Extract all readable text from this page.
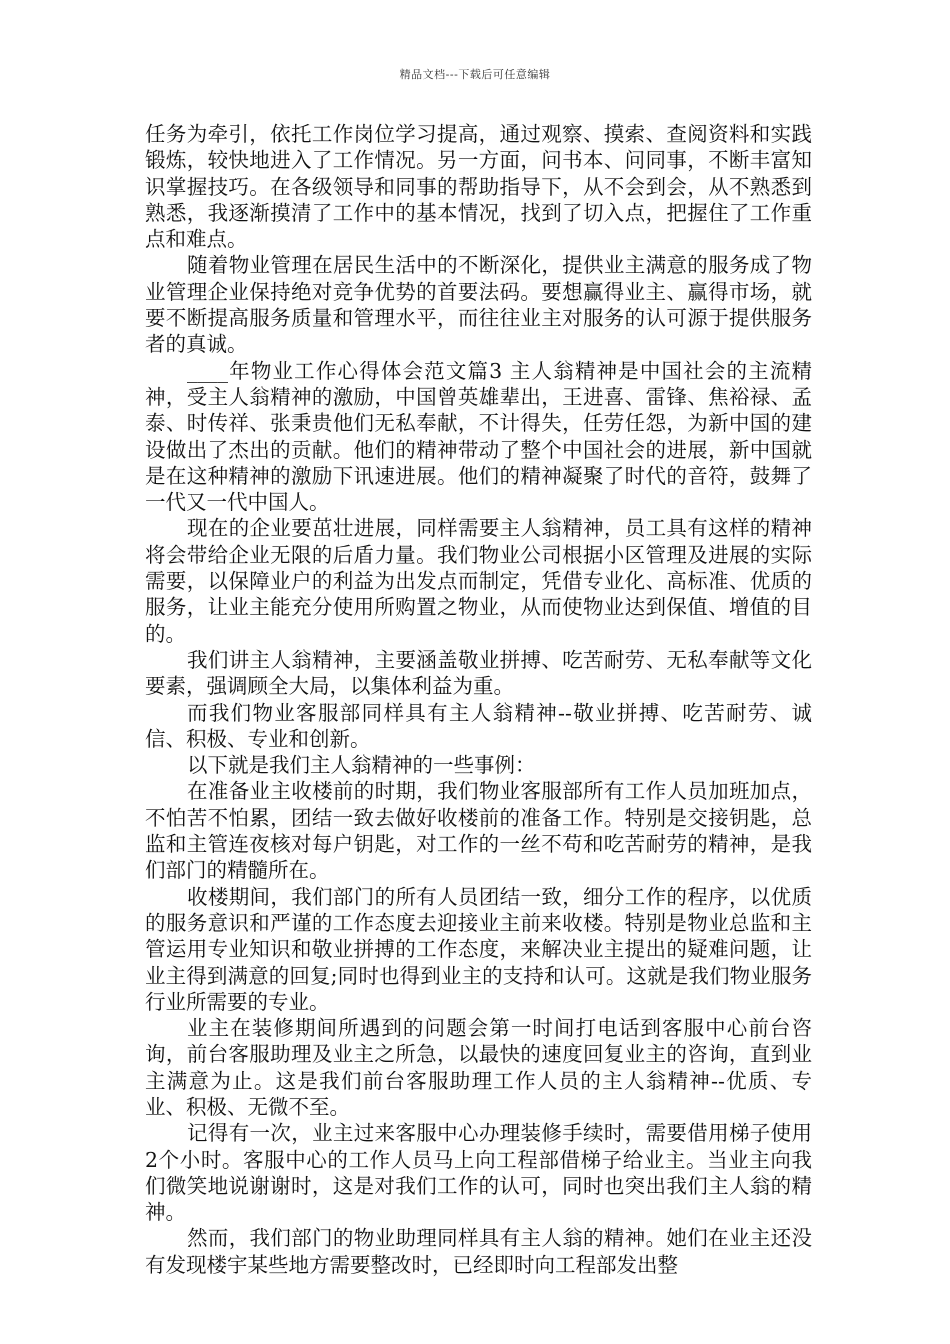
精品文档---下载后可任意编辑

任务为牵引，依托工作岗位学习提高，通过观察、摸索、查阅资料和实践锻炼，较快地进入了工作情况。另一方面，问书本、问同事，不断丰富知识掌握技巧。在各级领导和同事的帮助指导下，从不会到会，从不熟悉到熟悉，我逐渐摸清了工作中的基本情况，找到了切入点，把握住了工作重点和难点。

随着物业管理在居民生活中的不断深化，提供业主满意的服务成了物业管理企业保持绝对竞争优势的首要法码。要想赢得业主、赢得市场，就要不断提高服务质量和管理水平，而往往业主对服务的认可源于提供服务者的真诚。

____年物业工作心得体会范文篇3 主人翁精神是中国社会的主流精神，受主人翁精神的激励，中国曾英雄辈出，王进喜、雷锋、焦裕禄、孟泰、时传祥、张秉贵他们无私奉献，不计得失，任劳任怨，为新中国的建设做出了杰出的贡献。他们的精神带动了整个中国社会的进展，新中国就是在这种精神的激励下讯速进展。他们的精神凝聚了时代的音符，鼓舞了一代又一代中国人。

现在的企业要茁壮进展，同样需要主人翁精神，员工具有这样的精神将会带给企业无限的后盾力量。我们物业公司根据小区管理及进展的实际需要，以保障业户的利益为出发点而制定，凭借专业化、高标准、优质的服务，让业主能充分使用所购置之物业，从而使物业达到保值、增值的目的。

我们讲主人翁精神，主要涵盖敬业拼搏、吃苦耐劳、无私奉献等文化要素，强调顾全大局，以集体利益为重。

而我们物业客服部同样具有主人翁精神--敬业拼搏、吃苦耐劳、诚信、积极、专业和创新。

以下就是我们主人翁精神的一些事例：

在准备业主收楼前的时期，我们物业客服部所有工作人员加班加点，不怕苦不怕累，团结一致去做好收楼前的准备工作。特别是交接钥匙，总监和主管连夜核对每户钥匙，对工作的一丝不苟和吃苦耐劳的精神，是我们部门的精髓所在。

收楼期间，我们部门的所有人员团结一致，细分工作的程序，以优质的服务意识和严谨的工作态度去迎接业主前来收楼。特别是物业总监和主管运用专业知识和敬业拼搏的工作态度，来解决业主提出的疑难问题，让业主得到满意的回复;同时也得到业主的支持和认可。这就是我们物业服务行业所需要的专业。

业主在装修期间所遇到的问题会第一时间打电话到客服中心前台咨询，前台客服助理及业主之所急，以最快的速度回复业主的咨询，直到业主满意为止。这是我们前台客服助理工作人员的主人翁精神--优质、专业、积极、无微不至。

记得有一次，业主过来客服中心办理装修手续时，需要借用梯子使用2个小时。客服中心的工作人员马上向工程部借梯子给业主。当业主向我们微笑地说谢谢时，这是对我们工作的认可，同时也突出我们主人翁的精神。

然而，我们部门的物业助理同样具有主人翁的精神。她们在业主还没有发现楼宇某些地方需要整改时，已经即时向工程部发出整
